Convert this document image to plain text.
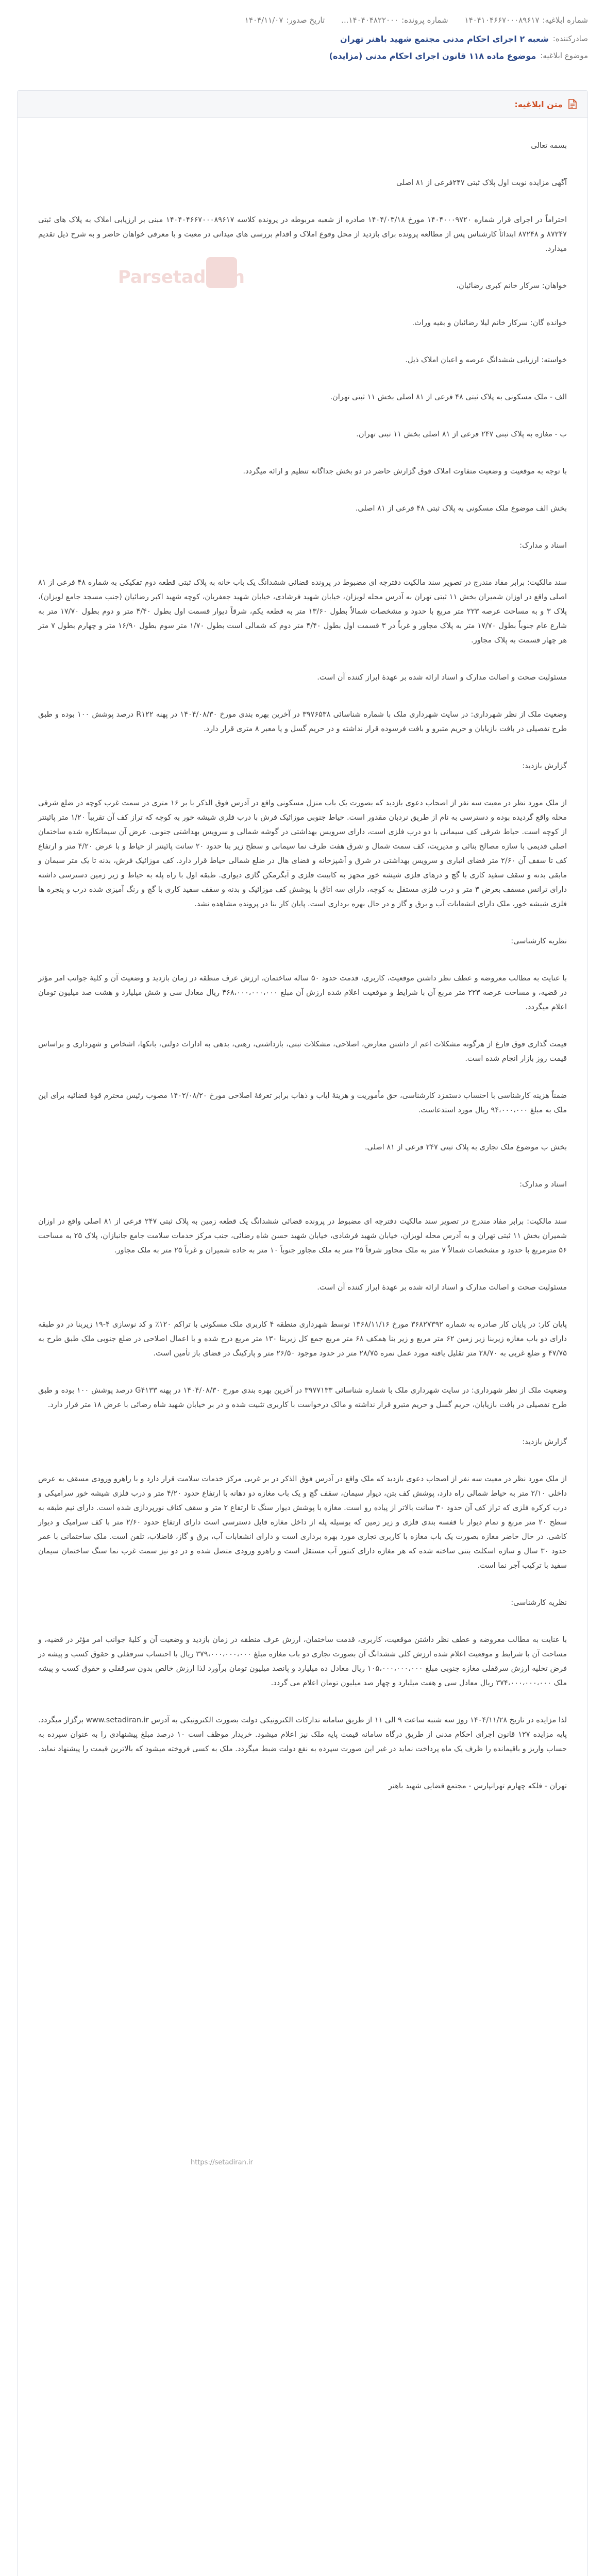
شماره ابلاغیه:
۱۴۰۴۱۰۴۶۶۷۰۰۰۸۹۶۱۷
شماره پرونده:
۱۴۰۴۰۴۸۲۲۰۰۰...
تاریخ صدور:
۱۴۰۴/۱۱/۰۷
صادرکننده:
شعبه ۲ اجرای احکام مدنی مجتمع شهید باهنر تهران
موضوع ابلاغیه:
موضوع ماده ۱۱۸ قانون اجرای احکام مدنی (مزایده)
متن ابلاغیه:
Parsetadiran

بسمه تعالی

آگهی مزایده نوبت اول پلاک ثبتی ۲۴۷فرعی از ۸۱ اصلی

احتراماً در اجرای قرار شماره ۱۴۰۴۰۰۰۹۷۲۰ مورخ ۱۴۰۴/۰۳/۱۸ صادره از شعبه مربوطه در پرونده کلاسه ۱۴۰۴۰۴۶۶۷۰۰۰۸۹۶۱۷ مبنی بر ارزیابی املاک به پلاک های ثبتی ۸۷۲۴۷ و ۸۷۲۴۸ ابتدائاً کارشناس پس از مطالعه پرونده برای بازدید از محل وقوع املاک و اقدام بررسی های میدانی در معیت و با معرفی خواهان حاضر و به شرح ذیل تقدیم میدارد.

خواهان: سرکار خانم کبری رضائیان،

خوانده گان: سرکار خانم لیلا رضائیان و بقیه وراث.

خواسته: ارزیابی ششدانگ عرصه و اعیان املاک ذیل.

الف - ملک مسکونی به پلاک ثبتی ۴۸ فرعی از ۸۱ اصلی بخش ۱۱ ثبتی تهران.

ب - مغازه به پلاک ثبتی ۲۴۷ فرعی از ۸۱ اصلی بخش ۱۱ ثبتی تهران.

با توجه به موقعیت و وضعیت متفاوت املاک فوق گزارش حاضر در دو بخش جداگانه تنظیم و ارائه میگردد.

بخش الف موضوع ملک مسکونی به پلاک ثبتی ۴۸ فرعی از ۸۱ اصلی.

اسناد و مدارک:

سند مالکیت: برابر مفاد مندرج در تصویر سند مالکیت دفترچه ای مضبوط در پرونده قضائی ششدانگ یک باب خانه به پلاک ثبتی قطعه دوم تفکیکی به شماره ۴۸ فرعی از ۸۱ اصلی واقع در اوزان شمیران بخش ۱۱ ثبتی تهران به آدرس محله لویزان، خیابان شهید فرشادی، خیابان شهید جعفریان، کوچه شهید اکبر رضائیان (جنب مسجد جامع لویزان)، پلاک ۳ و به مساحت عرصه ۲۲۳ متر مربع با حدود و مشخصات شمالاً بطول ۱۳/۶۰ متر به قطعه یکم، شرقاً دیوار قسمت اول بطول ۴/۴۰ متر و دوم بطول ۱۷/۷۰ متر به شارع عام جنوباً بطول ۱۷/۷۰ متر به پلاک مجاور و غرباً در ۳ قسمت اول بطول ۴/۴۰ متر دوم که شمالی است بطول ۱/۷۰ متر سوم بطول ۱۶/۹۰ متر و چهارم بطول ۷ متر هر چهار قسمت به پلاک مجاور.

مسئولیت صحت و اصالت مدارک و اسناد ارائه شده بر عهدۀ ابراز کننده آن است.

وضعیت ملک از نظر شهرداری: در سایت شهرداری ملک با شماره شناسائی ۳۹۷۶۵۳۸ در آخرین بهره بندی مورخ ۱۴۰۴/۰۸/۳۰ در پهنه R۱۲۲ درصد پوشش ۱۰۰ بوده و طبق طرح تفصیلی در بافت بازیابان و حریم متبرو و بافت فرسوده قرار نداشته و در حریم گسل و یا معبر ۸ متری قرار دارد.

گزارش بازدید:

از ملک مورد نظر در معیت سه نفر از اصحاب دعوی بازدید که بصورت یک باب منزل مسکونی واقع در آدرس فوق الذکر با بر ۱۶ متری در سمت غرب کوچه در ضلع شرقی محله واقع گردیده بوده و دسترسی به نام از طریق نردبان مقدور است. حیاط جنوبی موزائیک فرش با درب فلزی شیشه خور به کوچه که تراز کف آن تقریباً ۱/۲۰ متر پائینتر از کوچه است. حیاط شرقی کف سیمانی با دو درب فلزی است، دارای سرویس بهداشتی در گوشه شمالی و سرویس بهداشتی جنوبی. عرض آن سیمانکاره شده ساختمان اصلی قدیمی با سازه مصالح بنائی و مدیریت، کف سمت شمال و شرق هفت طرف نما سیمانی و سطح زیر بنا حدود ۲۰ سانت پائینتر از حیاط و با عرض ۴/۲۰ متر و ارتفاع کف تا سقف آن ۲/۶۰ متر فضای انباری و سرویس بهداشتی در شرق و آشپزخانه و فضای هال در ضلع شمالی حیاط قرار دارد. کف موزائیک فرش، بدنه تا یک متر سیمان و مابقی بدنه و سقف سفید کاری با گچ و درهای فلزی شیشه خور مجهز به کابینت فلزی و آبگرمکن گازی دیواری. طبقه اول با راه پله به حیاط و زیر زمین دسترسی داشته دارای ترانس مسقف بعرض ۳ متر و درب فلزی مستقل به کوچه، دارای سه اتاق با پوشش کف موزائیک و بدنه و سقف سفید کاری با گچ و رنگ آمیزی شده درب و پنجره ها فلزی شیشه خور، ملک دارای انشعابات آب و برق و گاز و در حال بهره برداری است. پایان کار بنا در پرونده مشاهده نشد.

نظریه کارشناسی:

با عنایت به مطالب معروضه و عطف نظر داشتن موقعیت، کاربری، قدمت حدود ۵۰ ساله ساختمان، ارزش عرف منطقه در زمان بازدید و وضعیت آن و کلیۀ جوانب امر مؤثر در قضیه، و مساحت عرصه ۲۲۳ متر مربع آن با شرایط و موقعیت اعلام شده ارزش آن مبلغ ۴۶۸،۰۰۰،۰۰۰،۰۰۰ ریال معادل سی و شش میلیارد و هشت صد میلیون تومان اعلام میگردد.

قیمت گذاری فوق فارغ از هرگونه مشکلات اعم از داشتن معارض، اصلاحی، مشکلات ثبتی، بازداشتی، رهنی، بدهی به ادارات دولتی، بانکها، اشخاص و شهرداری و براساس قیمت روز بازار انجام شده است.

ضمناً هزینه کارشناسی با احتساب دستمزد کارشناسی، حق مأموریت و هزینۀ ایاب و ذهاب برابر تعرفۀ اصلاحی مورخ ۱۴۰۲/۰۸/۲۰ مصوب رئیس محترم قوۀ قضائیه برای این ملک به مبلغ ۹۴،۰۰۰،۰۰۰ ریال مورد استدعاست.

بخش ب موضوع ملک تجاری به پلاک ثبتی ۲۴۷ فرعی از ۸۱ اصلی.

اسناد و مدارک:

سند مالکیت: برابر مفاد مندرج در تصویر سند مالکیت دفترچه ای مضبوط در پرونده قضائی ششدانگ یک قطعه زمین به پلاک ثبتی ۲۴۷ فرعی از ۸۱ اصلی واقع در اوزان شمیران بخش ۱۱ ثبتی تهران و به آدرس محله لویزان، خیابان شهید فرشادی، خیابان شهید حسن شاه رضائی، جنب مرکز خدمات سلامت جامع جانبازان، پلاک ۲۵ به مساحت ۵۶ مترمربع با حدود و مشخصات شمالاً ۷ متر به ملک مجاور شرقاً ۲۵ متر به ملک مجاور جنوباً ۱۰ متر به جاده شمیران و غرباً ۲۵ متر به ملک مجاور.

مسئولیت صحت و اصالت مدارک و اسناد ارائه شده بر عهدۀ ابراز کننده آن است.

پایان کار: در پایان کار صادره به شماره ۳۶۸۲۷۳۹۲ مورخ ۱۳۶۸/۱۱/۱۶ توسط شهرداری منطقه ۴ کاربری ملک مسکونی با تراکم ۱۲۰٪ و کد نوسازی ۴-۱۹ زیربنا در دو طبقه دارای دو باب مغازه زیربنا زیر زمین ۶۲ متر مربع و زیر بنا همکف ۶۸ متر مربع جمع کل زیربنا ۱۳۰ متر مربع درج شده و با اعمال اصلاحی در ضلع جنوبی ملک طبق طرح به ۴۷/۷۵ و ضلع غربی به ۲۸/۷۰ متر تقلیل یافته مورد عمل نمره ۲۸/۷۵ متر در حدود موجود ۲۶/۵۰ متر و پارکینگ در فضای باز تأمین است.

وضعیت ملک از نظر شهرداری: در سایت شهرداری ملک با شماره شناسائی ۳۹۷۷۱۳۳ در آخرین بهره بندی مورخ ۱۴۰۴/۰۸/۳۰ در پهنه G۴۱۳۳ درصد پوشش ۱۰۰ بوده و طبق طرح تفصیلی در بافت بازیابان، حریم گسل و حریم متبرو قرار نداشته و مالک درخواست با کاربری تثبیت شده و در بر خیابان شهید شاه رضائی با عرض ۱۸ متر قرار دارد.

گزارش بازدید:

از ملک مورد نظر در معیت سه نفر از اصحاب دعوی بازدید که ملک واقع در آدرس فوق الذکر در بر غربی مرکز خدمات سلامت قرار دارد و با راهرو ورودی مسقف به عرض داخلی ۲/۱۰ متر به حیاط شمالی راه دارد، پوشش کف بتن، دیوار سیمان، سقف گچ و یک باب مغازه دو دهانه با ارتفاع حدود ۴/۲۰ متر و درب فلزی شیشه خور سرامیکی و درب کرکره فلزی که تراز کف آن حدود ۳۰ سانت بالاتر از پیاده رو است. مغازه با پوشش دیوار سنگ تا ارتفاع ۲ متر و سقف کناف نورپردازی شده است. دارای نیم طبقه به سطح ۲۰ متر مربع و تمام دیوار با قفسه بندی فلزی و زیر زمین که بوسیله پله از داخل مغازه قابل دسترسی است دارای ارتفاع حدود ۲/۶۰ متر با کف سرامیک و دیوار کاشی. در حال حاضر مغازه بصورت یک باب مغازه با کاربری تجاری مورد بهره برداری است و دارای انشعابات آب، برق و گاز، فاضلاب، تلفن است. ملک ساختمانی با عمر حدود ۳۰ سال و سازه اسکلت بتنی ساخته شده که هر مغازه دارای کنتور آب مستقل است و راهرو ورودی متصل شده و در دو نیز سمت غرب نما سنگ ساختمان سیمان سفید با ترکیب آجر نما است.

نظریه کارشناسی:

با عنایت به مطالب معروضه و عطف نظر داشتن موقعیت، کاربری، قدمت ساختمان، ارزش عرف منطقه در زمان بازدید و وضعیت آن و کلیۀ جوانب امر مؤثر در قضیه، و مساحت آن با شرایط و موقعیت اعلام شده ارزش کلی ششدانگ آن بصورت تجاری دو باب مغازه مبلغ ۳۷۹،۰۰۰،۰۰۰،۰۰۰ ریال با احتساب سرقفلی و حقوق کسب و پیشه در فرض تخلیه ارزش سرقفلی مغازه جنوبی مبلغ ۱۰۵،۰۰۰،۰۰۰،۰۰۰ ریال معادل ده میلیارد و پانصد میلیون تومان برآورد لذا ارزش خالص بدون سرقفلی و حقوق کسب و پیشه ملک ۳۷۴،۰۰۰،۰۰۰،۰۰۰ ریال معادل سی و هفت میلیارد و چهار صد میلیون تومان اعلام می گردد.

لذا مزایده در تاریخ ۱۴۰۴/۱۱/۲۸ روز سه شنبه ساعت ۹ الی ۱۱ از طریق سامانه تدارکات الکترونیکی دولت بصورت الکترونیکی به آدرس www.setadiran.ir برگزار میگردد. پایه مزایده ۱۲۷ قانون اجرای احکام مدنی از طریق درگاه سامانه قیمت پایه ملک نیز اعلام میشود. خریدار موظف است ۱۰ درصد مبلغ پیشنهادی را به عنوان سپرده به حساب واریز و باقیمانده را ظرف یک ماه پرداخت نماید در غیر این صورت سپرده به نفع دولت ضبط میگردد. ملک به کسی فروخته میشود که بالاترین قیمت را پیشنهاد نماید.

تهران - فلکه چهارم تهرانپارس - مجتمع قضایی شهید باهنر

https://setadiran.ir
